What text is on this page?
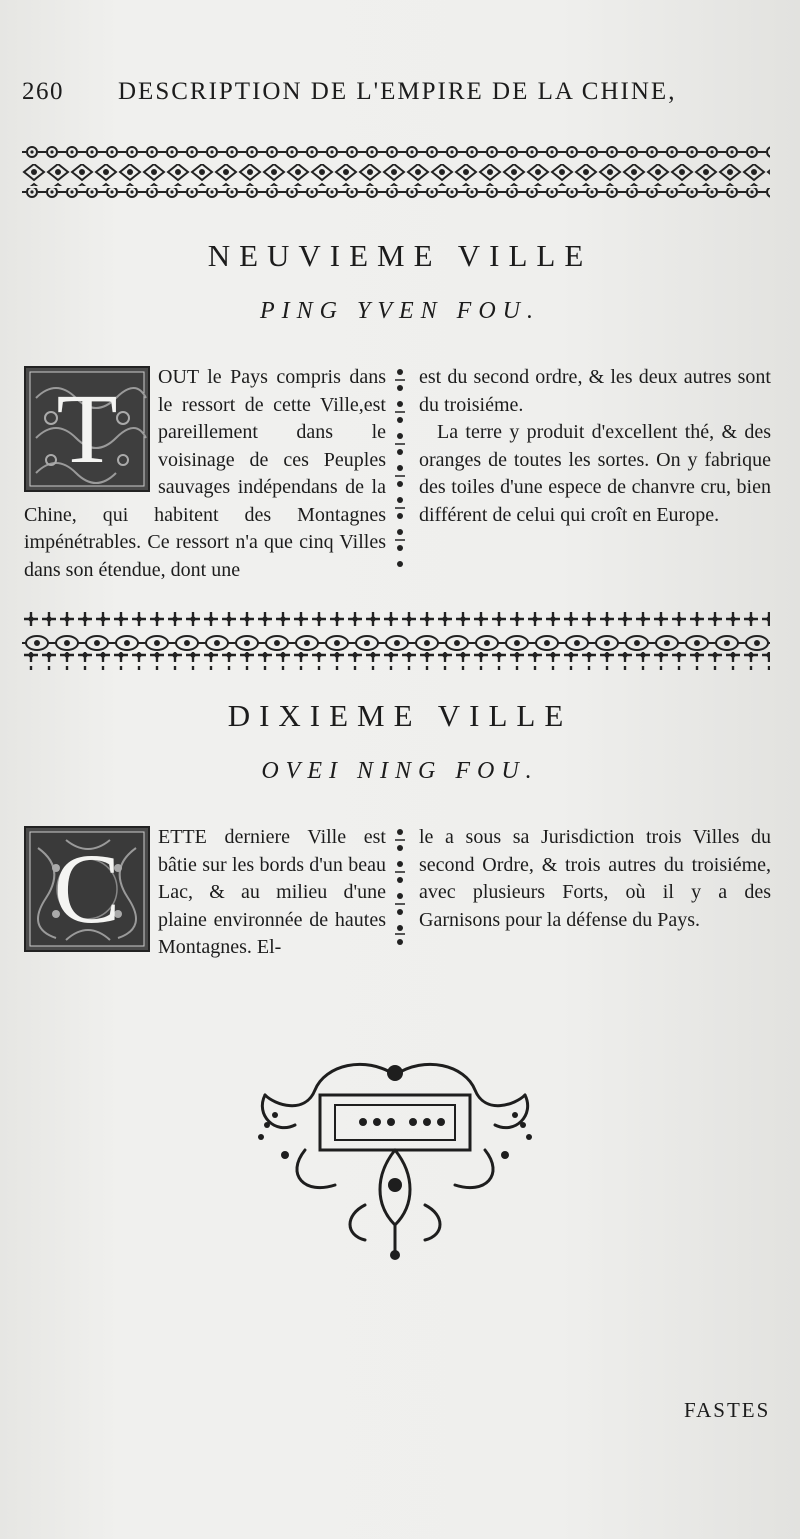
260 DESCRIPTION DE L'EMPIRE DE LA CHINE,
NEUVIEME VILLE
PING YVEN FOU.
T	OUT le Pays compris dans le ressort de cette Ville,est pareillement dans le voisinage de ces Peuples sauvages indépendans de la Chine, qui habitent des Montagnes impénétrables. Ce ressort n'a que cinq Villes dans son étendue, dont une

est du second ordre, & les deux autres sont du troisiéme.

La terre y produit d'excellent thé, & des oranges de toutes les sortes. On y fabrique des toiles d'une espece de chanvre cru, bien différent de celui qui croît en Europe.

DIXIEME VILLE
OVEI NING FOU.
C	ETTE derniere Ville est bâtie sur les bords d'un beau Lac, & au milieu d'une plaine environnée de hautes Montagnes. El-

le a sous sa Jurisdiction trois Villes du second Ordre, & trois autres du troisiéme, avec plusieurs Forts, où il y a des Garnisons pour la défense du Pays.

FASTES
